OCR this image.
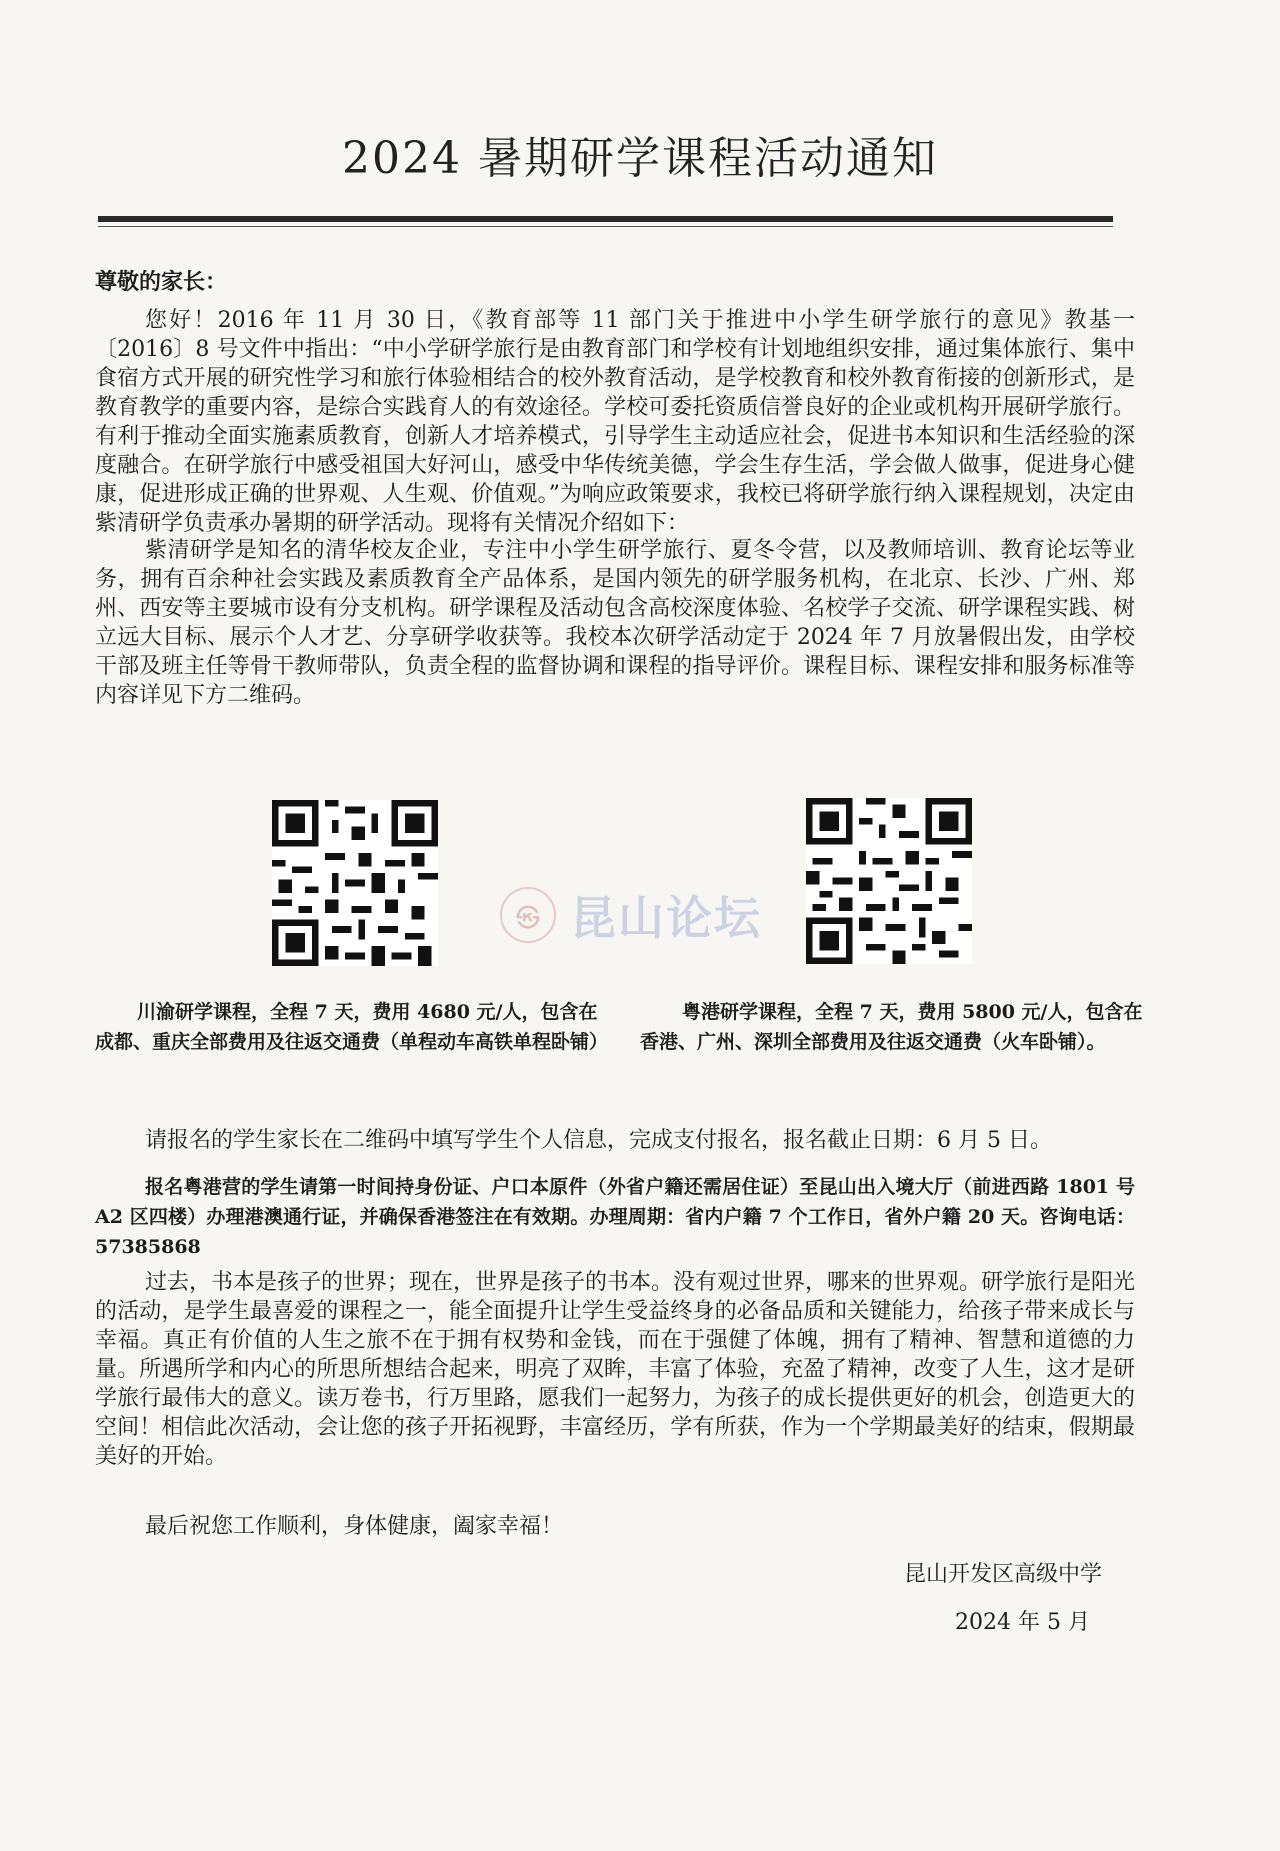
2024 暑期研学课程活动通知

尊敬的家长：

您好！2016 年 11 月 30 日，《教育部等 11 部门关于推进中小学生研学旅行的意见》教基一〔2016〕8 号文件中指出：“中小学研学旅行是由教育部门和学校有计划地组织安排，通过集体旅行、集中食宿方式开展的研究性学习和旅行体验相结合的校外教育活动，是学校教育和校外教育衔接的创新形式，是教育教学的重要内容，是综合实践育人的有效途径。学校可委托资质信誉良好的企业或机构开展研学旅行。有利于推动全面实施素质教育，创新人才培养模式，引导学生主动适应社会，促进书本知识和生活经验的深度融合。在研学旅行中感受祖国大好河山，感受中华传统美德，学会生存生活，学会做人做事，促进身心健康，促进形成正确的世界观、人生观、价值观。”为响应政策要求，我校已将研学旅行纳入课程规划，决定由紫清研学负责承办暑期的研学活动。现将有关情况介绍如下：

紫清研学是知名的清华校友企业，专注中小学生研学旅行、夏冬令营，以及教师培训、教育论坛等业务，拥有百余种社会实践及素质教育全产品体系，是国内领先的研学服务机构，在北京、长沙、广州、郑州、西安等主要城市设有分支机构。研学课程及活动包含高校深度体验、名校学子交流、研学课程实践、树立远大目标、展示个人才艺、分享研学收获等。我校本次研学活动定于 2024 年 7 月放暑假出发，由学校干部及班主任等骨干教师带队，负责全程的监督协调和课程的指导评价。课程目标、课程安排和服务标准等内容详见下方二维码。

㉿ 昆山论坛

川渝研学课程，全程 7 天，费用 4680 元/人，包含在成都、重庆全部费用及往返交通费（单程动车高铁单程卧铺）

粤港研学课程，全程 7 天，费用 5800 元/人，包含在香港、广州、深圳全部费用及往返交通费（火车卧铺）。

请报名的学生家长在二维码中填写学生个人信息，完成支付报名，报名截止日期：6 月 5 日。

报名粤港营的学生请第一时间持身份证、户口本原件（外省户籍还需居住证）至昆山出入境大厅（前进西路 1801 号 A2 区四楼）办理港澳通行证，并确保香港签注在有效期。办理周期：省内户籍 7 个工作日，省外户籍 20 天。咨询电话：57385868

过去，书本是孩子的世界；现在，世界是孩子的书本。没有观过世界，哪来的世界观。研学旅行是阳光的活动，是学生最喜爱的课程之一，能全面提升让学生受益终身的必备品质和关键能力，给孩子带来成长与幸福。真正有价值的人生之旅不在于拥有权势和金钱，而在于强健了体魄，拥有了精神、智慧和道德的力量。所遇所学和内心的所思所想结合起来，明亮了双眸，丰富了体验，充盈了精神，改变了人生，这才是研学旅行最伟大的意义。读万卷书，行万里路，愿我们一起努力，为孩子的成长提供更好的机会，创造更大的空间！相信此次活动，会让您的孩子开拓视野，丰富经历，学有所获，作为一个学期最美好的结束，假期最美好的开始。

最后祝您工作顺利，身体健康，阖家幸福！

昆山开发区高级中学
2024 年 5 月
